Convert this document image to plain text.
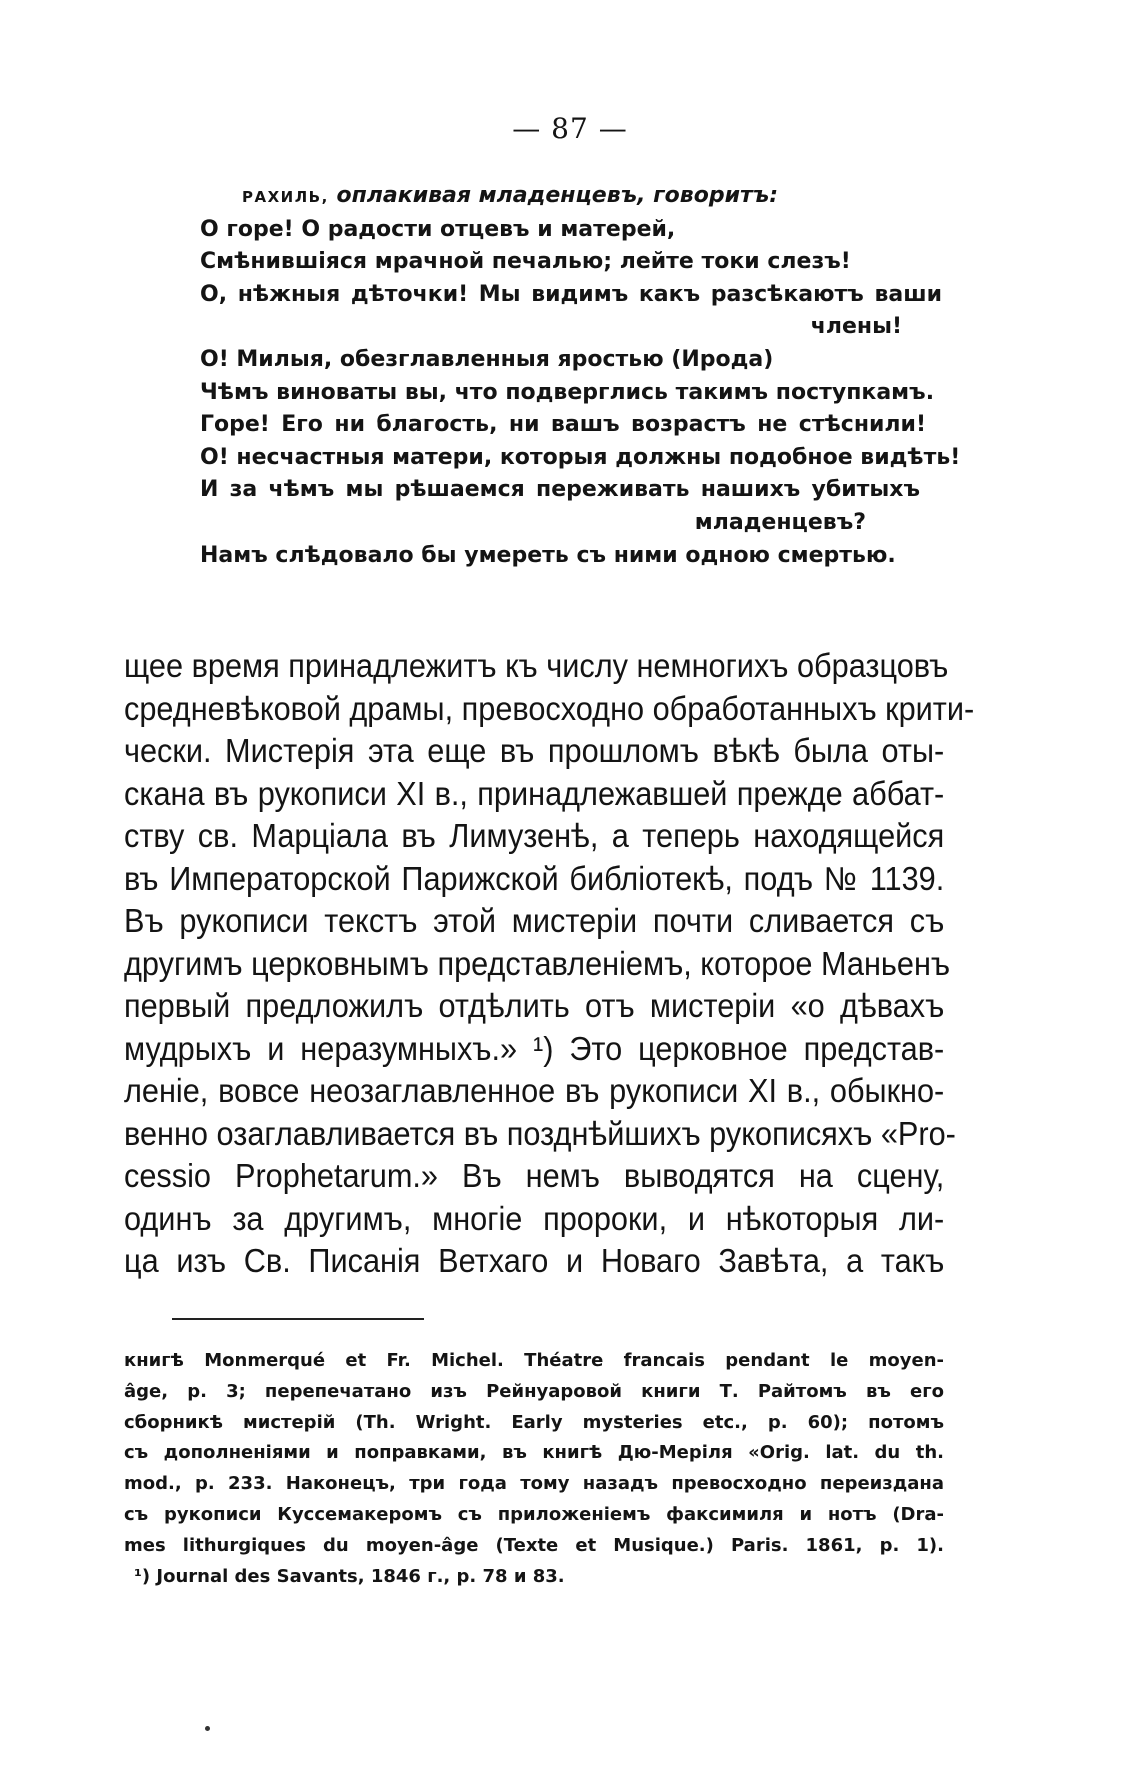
— 87 —
РАХИЛЬ, оплакивая младенцевъ, говоритъ:
О горе! О радости отцевъ и матерей,
Смѣнившіяся мрачной печалью; лейте токи слезъ!
О, нѣжныя дѣточки! Мы видимъ какъ разсѣкаютъ ваши
члены!
О! Милыя, обезглавленныя яростью (Ирода)
Чѣмъ виноваты вы, что подверглись такимъ поступкамъ.
Горе! Его ни благость, ни вашъ возрастъ не стѣснили!
О! несчастныя матери, которыя должны подобное видѣть!
И за чѣмъ мы рѣшаемся переживать нашихъ убитыхъ
младенцевъ?
Намъ слѣдовало бы умереть съ ними одною смертью.
щее время принадлежитъ къ числу немногихъ образцовъ
средневѣковой драмы, превосходно обработанныхъ крити-
чески. Мистерія эта еще въ прошломъ вѣкѣ была оты-
скана въ рукописи XI в., принадлежавшей прежде аббат-
ству св. Марціала въ Лимузенѣ, а теперь находящейся
въ Императорской Парижской библіотекѣ, подъ № 1139.
Въ рукописи текстъ этой мистеріи почти сливается съ
другимъ церковнымъ представленіемъ, которое Маньенъ
первый предложилъ отдѣлить отъ мистеріи «о дѣвахъ
мудрыхъ и неразумныхъ.» ¹) Это церковное представ-
леніе, вовсе неозаглавленное въ рукописи XI в., обыкно-
венно озаглавливается въ позднѣйшихъ рукописяхъ «Pro-
cessio Prophetarum.» Въ немъ выводятся на сцену,
одинъ за другимъ, многіе пророки, и нѣкоторыя ли-
ца изъ Св. Писанія Ветхаго и Новаго Завѣта, а такъ
книгѣ Monmerqué et Fr. Michel. Théatre francais pendant le moyen-
âge, p. 3; перепечатано изъ Рейнуаровой книги Т. Райтомъ въ его
сборникѣ мистерій (Th. Wright. Early mysteries etc., p. 60); потомъ
съ дополненіями и поправками, въ книгѣ Дю-Меріля «Orig. lat. du th.
mod., p. 233. Наконецъ, три года тому назадъ превосходно переиздана
съ рукописи Куссемакеромъ съ приложеніемъ факсимиля и нотъ (Dra-
mes lithurgiques du moyen-âge (Texte et Musique.) Paris. 1861, p. 1).
¹) Journal des Savants, 1846 г., р. 78 и 83.
